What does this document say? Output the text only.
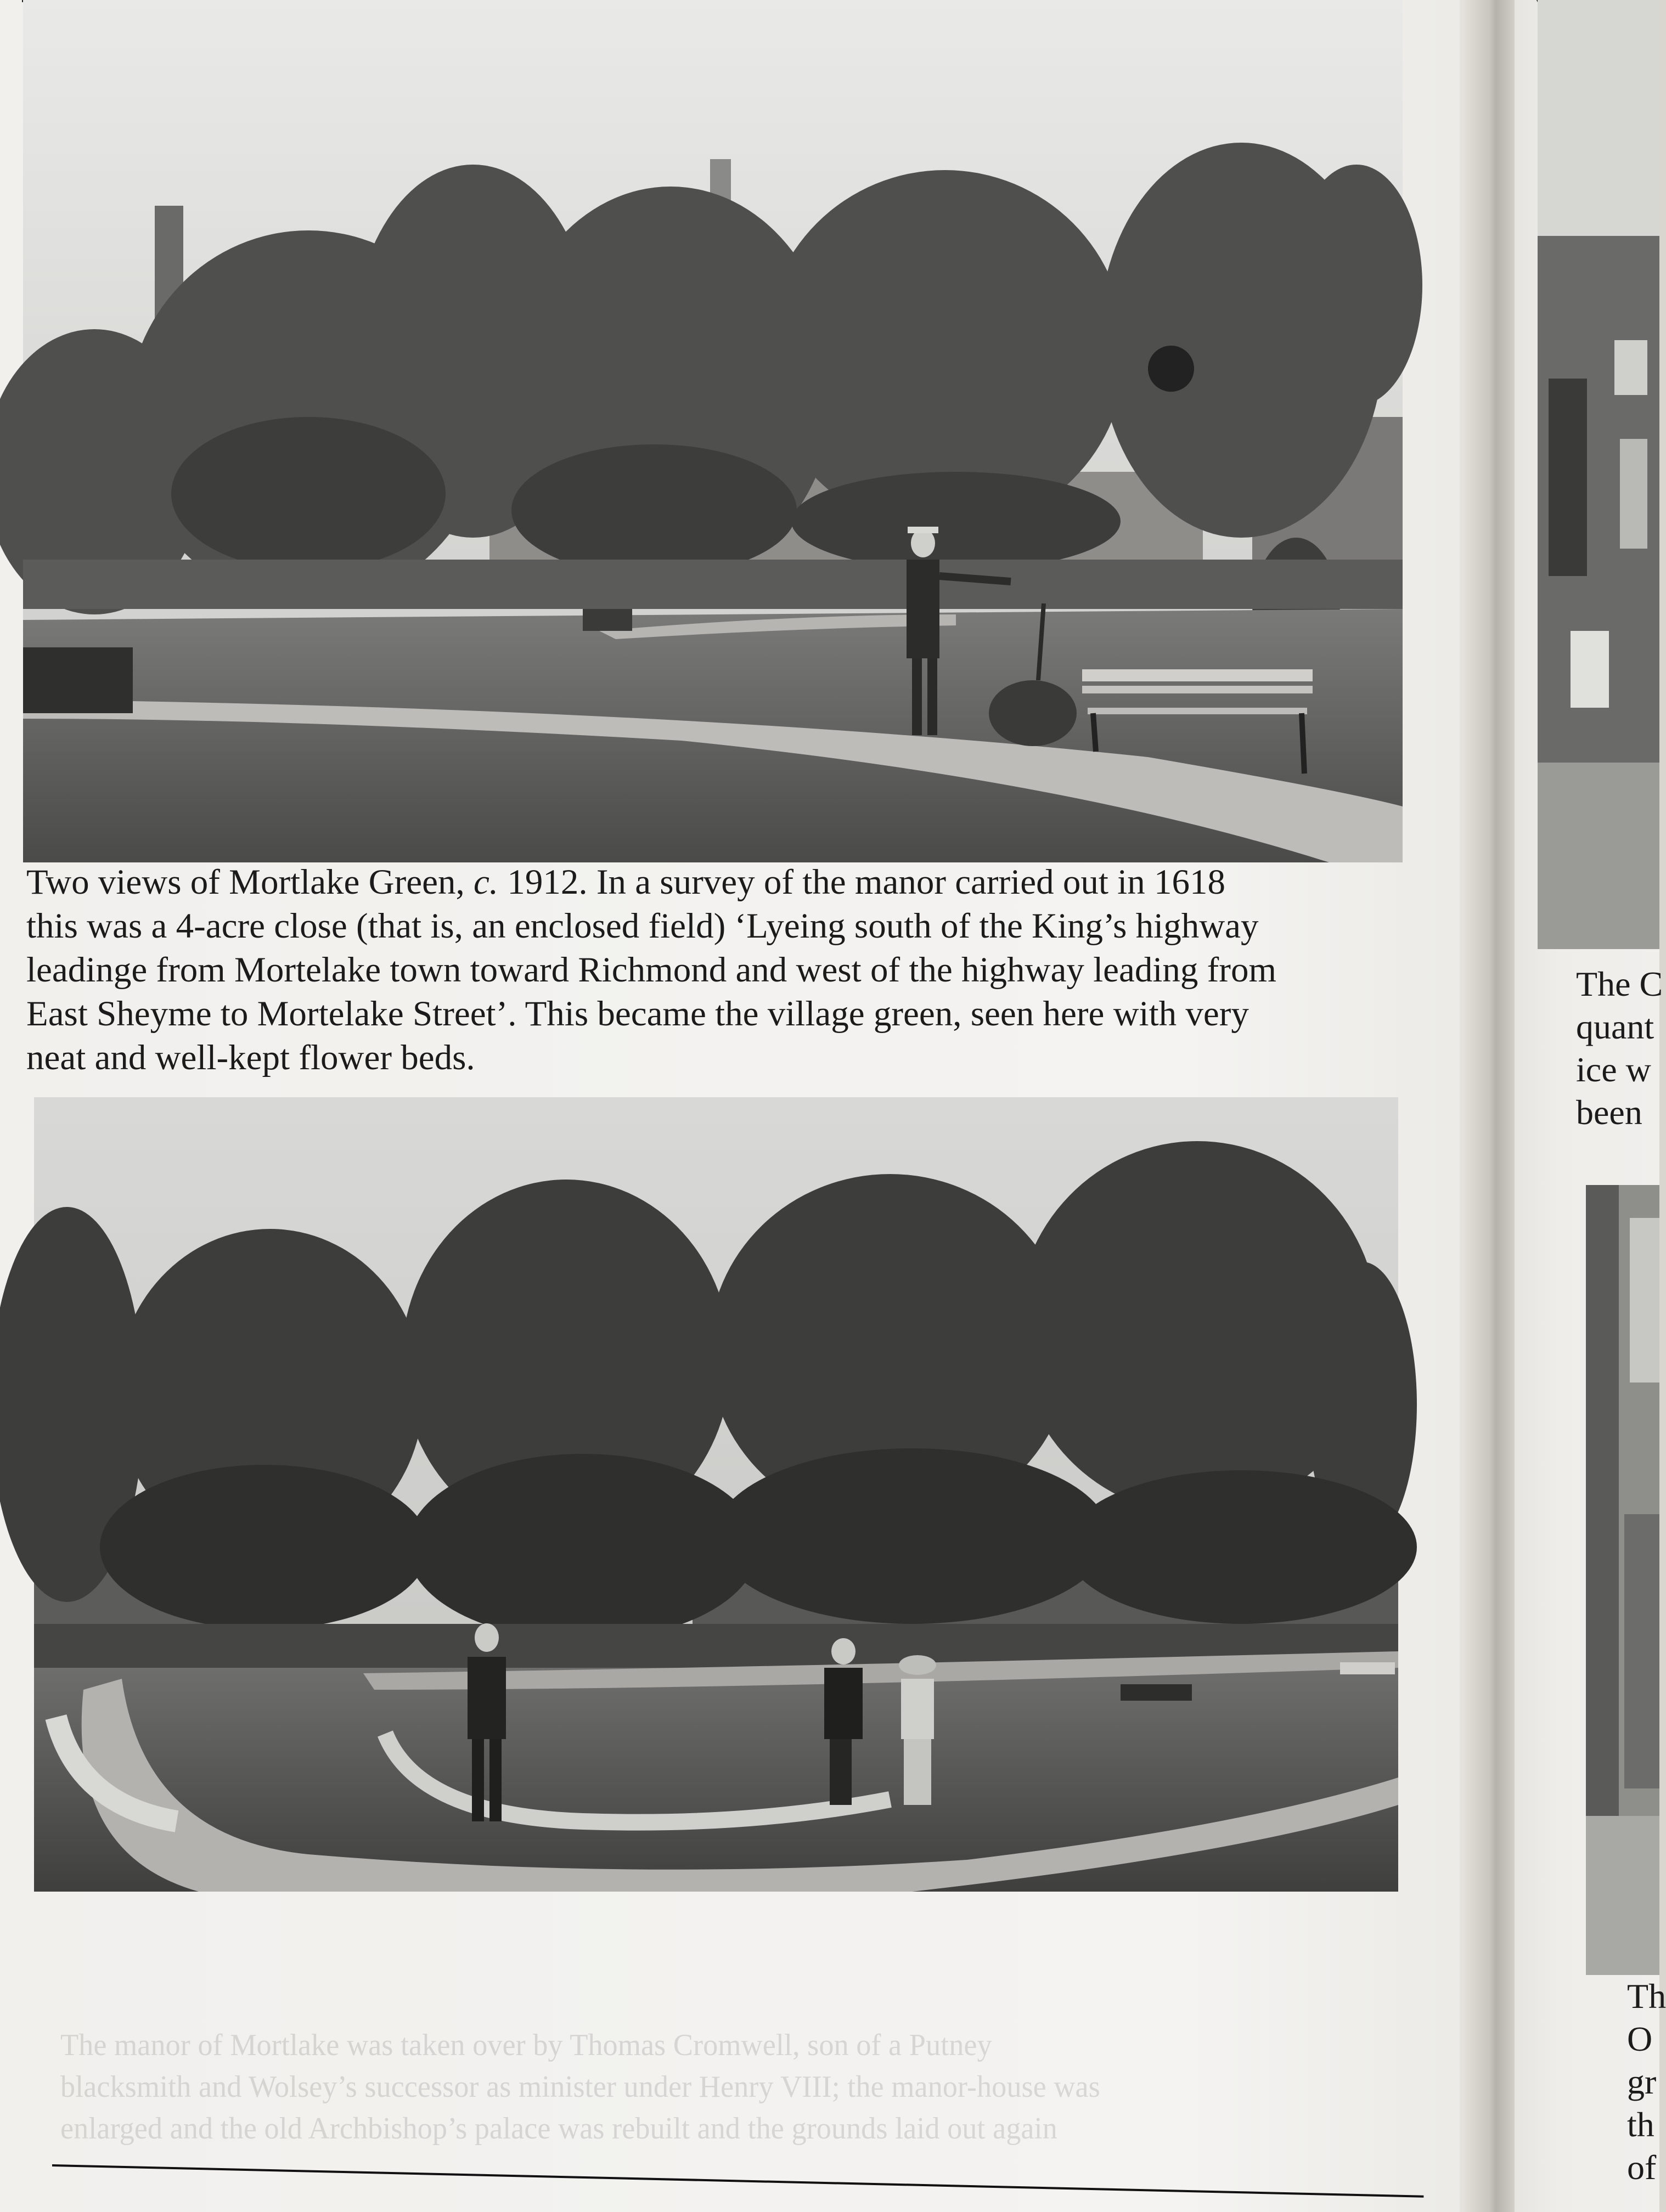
Two views of Mortlake Green, c. 1912. In a survey of the manor carried out in 1618

this was a 4-acre close (that is, an enclosed field) ‘Lyeing south of the King’s highway

leadinge from Mortelake town toward Richmond and west of the highway leading from

East Sheyme to Mortelake Street’. This became the village green, seen here with very

neat and well-kept flower beds.

The manor of Mortlake was taken over by Thomas Cromwell, son of a Putney
blacksmith and Wolsey’s successor as minister under Henry VIII; the manor-house was
enlarged and the old Archbishop’s palace was rebuilt and the grounds laid out again
The C
quant
ice w
been
Th
O
gr
th
of
